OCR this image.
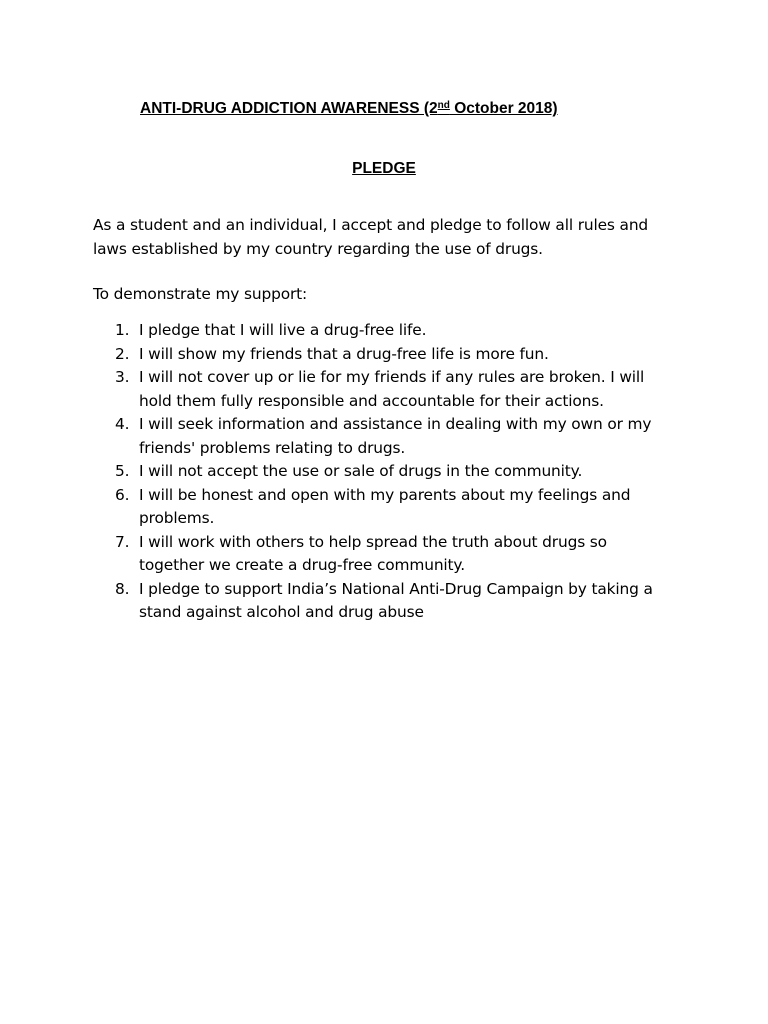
ANTI-DRUG ADDICTION AWARENESS (2nd October 2018)
PLEDGE

As a student and an individual, I accept and pledge to follow all rules and
laws established by my country regarding the use of drugs.

To demonstrate my support:

1. I pledge that I will live a drug-free life.
2. I will show my friends that a drug-free life is more fun.
3. I will not cover up or lie for my friends if any rules are broken. I will
hold them fully responsible and accountable for their actions.
4. I will seek information and assistance in dealing with my own or my
friends' problems relating to drugs.
5. I will not accept the use or sale of drugs in the community.
6. I will be honest and open with my parents about my feelings and
problems.
7. I will work with others to help spread the truth about drugs so
together we create a drug-free community.
8. I pledge to support India’s National Anti-Drug Campaign by taking a
stand against alcohol and drug abuse
